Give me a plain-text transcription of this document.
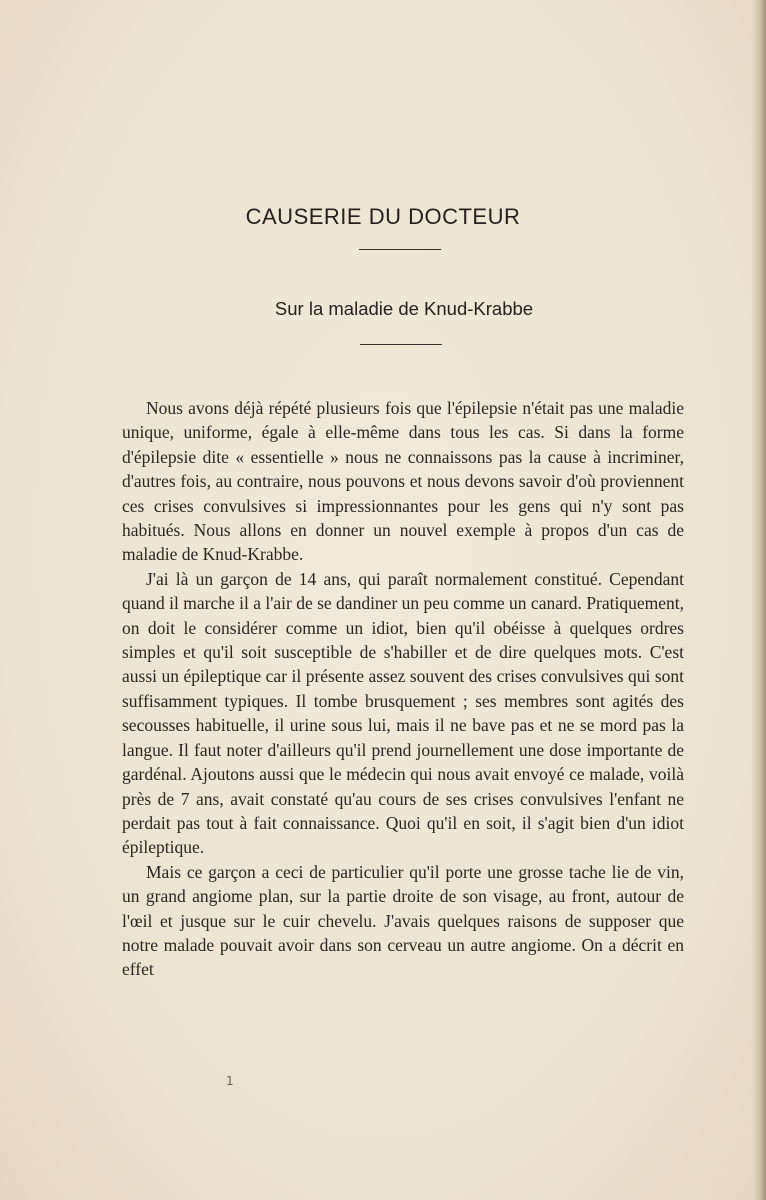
CAUSERIE DU DOCTEUR
Sur la maladie de Knud-Krabbe

Nous avons déjà répété plusieurs fois que l'épilepsie n'était pas une maladie unique, uniforme, égale à elle-même dans tous les cas. Si dans la forme d'épilepsie dite « essentielle » nous ne connaissons pas la cause à incriminer, d'autres fois, au contraire, nous pouvons et nous devons savoir d'où proviennent ces crises convulsives si impressionnantes pour les gens qui n'y sont pas habitués. Nous allons en donner un nouvel exemple à propos d'un cas de maladie de Knud-Krabbe.

J'ai là un garçon de 14 ans, qui paraît normalement constitué. Cependant quand il marche il a l'air de se dandiner un peu comme un canard. Pratiquement, on doit le considérer comme un idiot, bien qu'il obéisse à quelques ordres simples et qu'il soit susceptible de s'habiller et de dire quelques mots. C'est aussi un épileptique car il présente assez souvent des crises convulsives qui sont suffisamment typiques. Il tombe brusquement ; ses membres sont agités des secousses habituelle, il urine sous lui, mais il ne bave pas et ne se mord pas la langue. Il faut noter d'ailleurs qu'il prend journellement une dose importante de gardénal. Ajoutons aussi que le médecin qui nous avait envoyé ce malade, voilà près de 7 ans, avait constaté qu'au cours de ses crises convulsives l'enfant ne perdait pas tout à fait connaissance. Quoi qu'il en soit, il s'agit bien d'un idiot épileptique.

Mais ce garçon a ceci de particulier qu'il porte une grosse tache lie de vin, un grand angiome plan, sur la partie droite de son visage, au front, autour de l'œil et jusque sur le cuir chevelu. J'avais quelques raisons de supposer que notre malade pouvait avoir dans son cerveau un autre angiome. On a décrit en effet

1
